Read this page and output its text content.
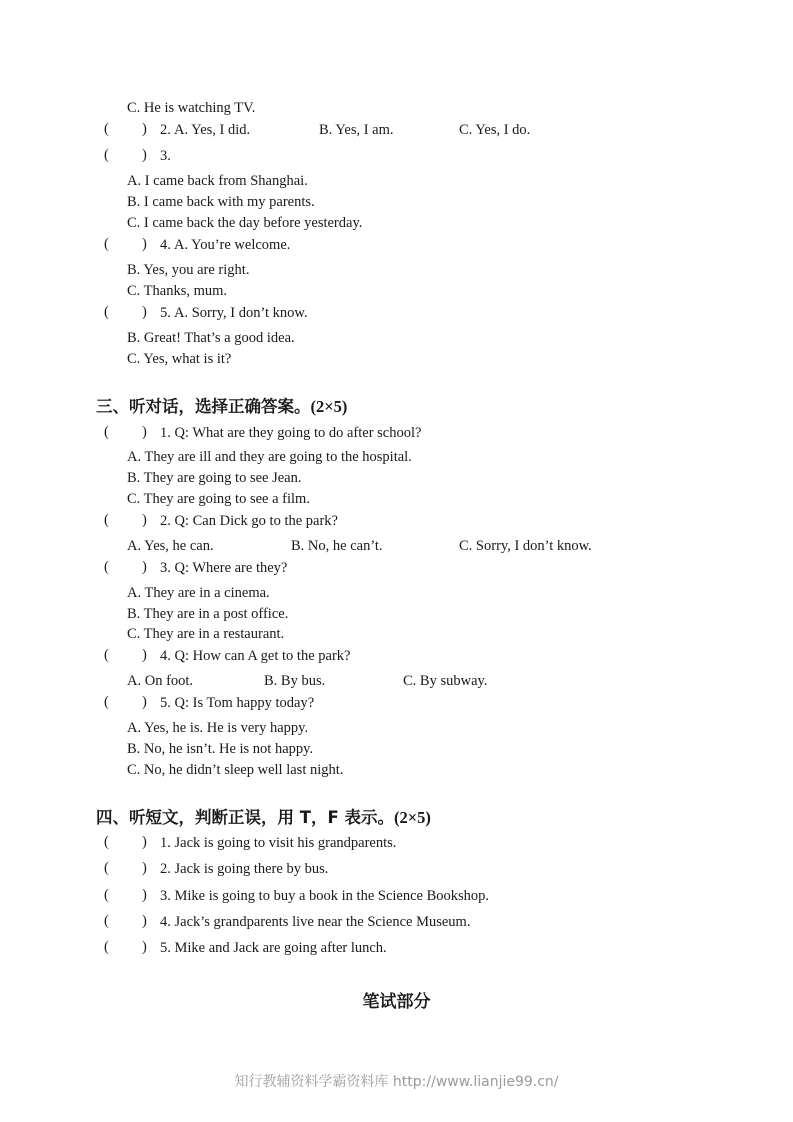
C. He is watching TV.
( ) 2. A. Yes, I did.	B. Yes, I am.	C. Yes, I do.
( ) 3.
A. I came back from Shanghai.
B. I came back with my parents.
C. I came back the day before yesterday.
( ) 4. A. You’re welcome.
B. Yes, you are right.
C. Thanks, mum.
( ) 5. A. Sorry, I don’t know.
B. Great! That’s a good idea.
C. Yes, what is it?
三、听对话，选择正确答案。(2×5)
( ) 1. Q: What are they going to do after school?
A. They are ill and they are going to the hospital.
B. They are going to see Jean.
C. They are going to see a film.
( ) 2. Q: Can Dick go to the park?
A. Yes, he can.	B. No, he can’t.	C. Sorry, I don’t know.
( ) 3. Q: Where are they?
A. They are in a cinema.
B. They are in a post office.
C. They are in a restaurant.
( ) 4. Q: How can A get to the park?
A. On foot.	B. By bus.	C. By subway.
( ) 5. Q: Is Tom happy today?
A. Yes, he is. He is very happy.
B. No, he isn’t. He is not happy.
C. No, he didn’t sleep well last night.
四、听短文，判断正误，用 T，F 表示。(2×5)
( ) 1. Jack is going to visit his grandparents.
( ) 2. Jack is going there by bus.
( ) 3. Mike is going to buy a book in the Science Bookshop.
( ) 4. Jack’s grandparents live near the Science Museum.
( ) 5. Mike and Jack are going after lunch.
笔试部分
知行教辅资料学霸资料库 http://www.lianjie99.cn/
